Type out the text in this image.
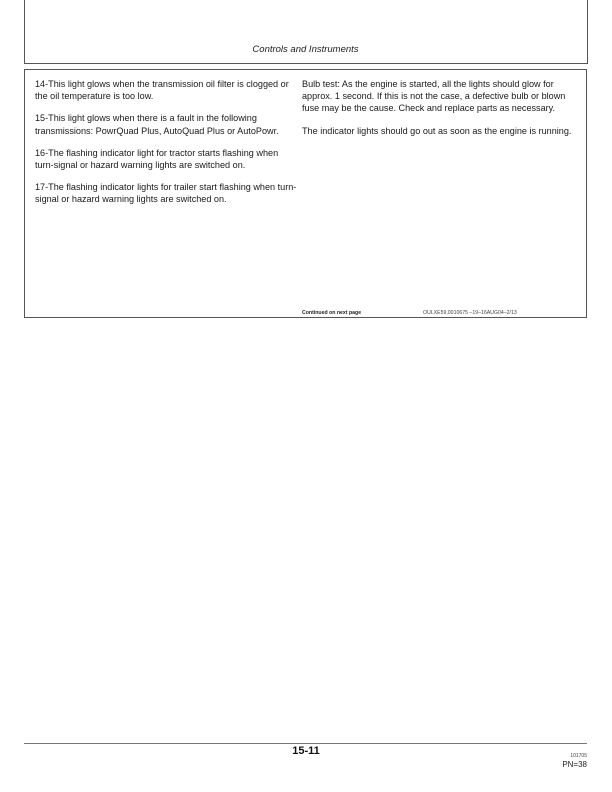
Controls and Instruments

14-This light glows when the transmission oil filter is clogged or the oil temperature is too low.

15-This light glows when there is a fault in the following transmissions: PowrQuad Plus, AutoQuad Plus or AutoPowr.

16-The flashing indicator light for tractor starts flashing when turn-signal or hazard warning lights are switched on.

17-The flashing indicator lights for trailer start flashing when turn-signal or hazard warning lights are switched on.

Bulb test: As the engine is started, all the lights should glow for approx. 1 second. If this is not the case, a defective bulb or blown fuse may be the cause. Check and replace parts as necessary.

The indicator lights should go out as soon as the engine is running.

Continued on next page	OULXE59,0010675 –19–16AUG04–2/13
15-11	101705
PN=38
